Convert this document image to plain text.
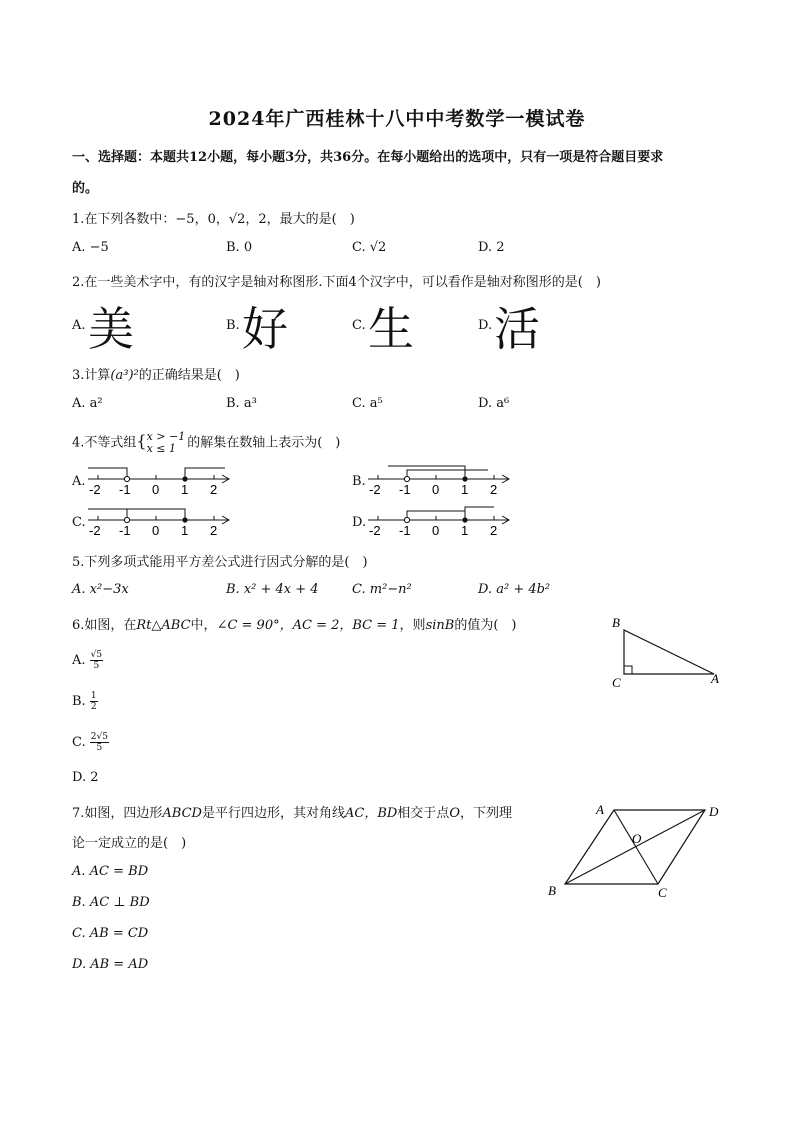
2024年广西桂林十八中中考数学一模试卷
一、选择题：本题共12小题，每小题3分，共36分。在每小题给出的选项中，只有一项是符合题目要求
的。
1.在下列各数中：−5，0，√2，2，最大的是(　)
A. −5	B. 0	C. √2	D. 2
2.在一些美术字中，有的汉字是轴对称图形.下面4个汉字中，可以看作是轴对称图形的是(　)
A. 美	B. 好	C. 生	D. 活
3.计算(a³)²的正确结果是(　)
A. a²	B. a³	C. a⁵	D. a⁶
4.不等式组{ x > −1
x ≤ 1 的解集在数轴上表示为(　)
A.
-2 -1 0 1 2
B.
-2 -1 0 1 2
C.
-2 -1 0 1 2
D.
-2 -1 0 1 2
5.下列多项式能用平方差公式进行因式分解的是(　)
A. x²−3x	B. x² + 4x + 4	C. m²−n²	D. a² + 4b²
6.如图，在Rt△ABC中，∠C = 90°，AC = 2，BC = 1，则sinB的值为(　)
A. $\frac{√5}{5}$
B. $\frac{1}{2}$
C. $\frac{2√5}{5}$
D. 2
B
C	A
7.如图，四边形ABCD是平行四边形，其对角线AC，BD相交于点O，下列理
论一定成立的是(　)
A. AC = BD
B. AC ⊥ BD
C. AB = CD
D. AB = AD
A	D
B	C
O
